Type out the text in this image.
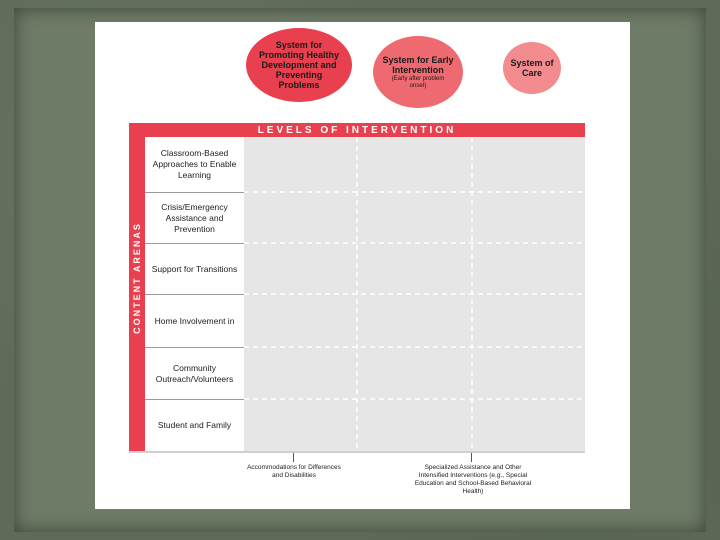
System for Promoting Healthy Development and Preventing Problems
System for Early Intervention
(Early after problem onset)
System of Care
LEVELS OF INTERVENTION
CONTENT ARENAS
Classroom-Based Approaches to Enable Learning
Crisis/Emergency Assistance and Prevention
Support for Transitions
Home Involvement in
Community Outreach/Volunteers
Student and Family
Accommodations for Differences and Disabilities
Specialized Assistance and Other Intensified Interventions (e.g., Special Education and School-Based Behavioral Health)
